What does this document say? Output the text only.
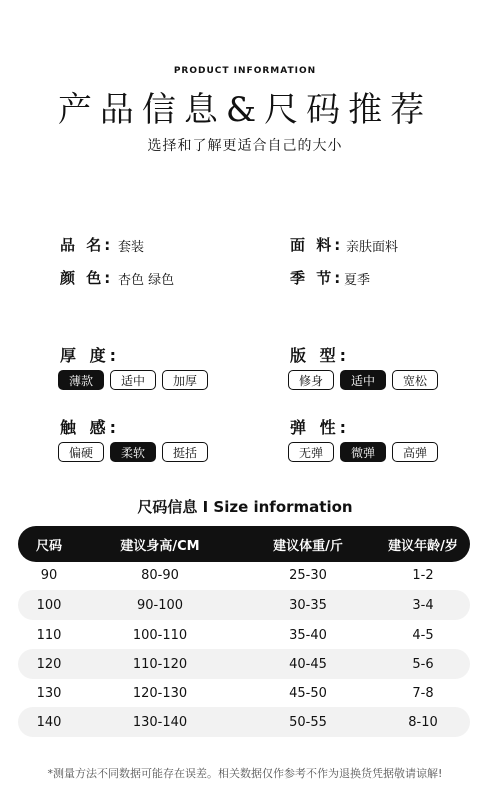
PRODUCT INFORMATION
产品信息&尺码推荐
选择和了解更适合自己的大小
品 名: 套装	面 料: 亲肤面料
颜 色: 杏色 绿色	季 节: 夏季
厚 度:
薄款	适中	加厚
版 型:
修身	适中	宽松
触 感:
偏硬	柔软	挺括
弹 性:
无弹	微弹	高弹
尺码信息 I Size information
尺码	建议身高/CM	建议体重/斤	建议年龄/岁
90	80-90	25-30	1-2
100	90-100	30-35	3-4
110	100-110	35-40	4-5
120	110-120	40-45	5-6
130	120-130	45-50	7-8
140	130-140	50-55	8-10
*测量方法不同数据可能存在误差。相关数据仅作参考不作为退换货凭据敬请谅解!
